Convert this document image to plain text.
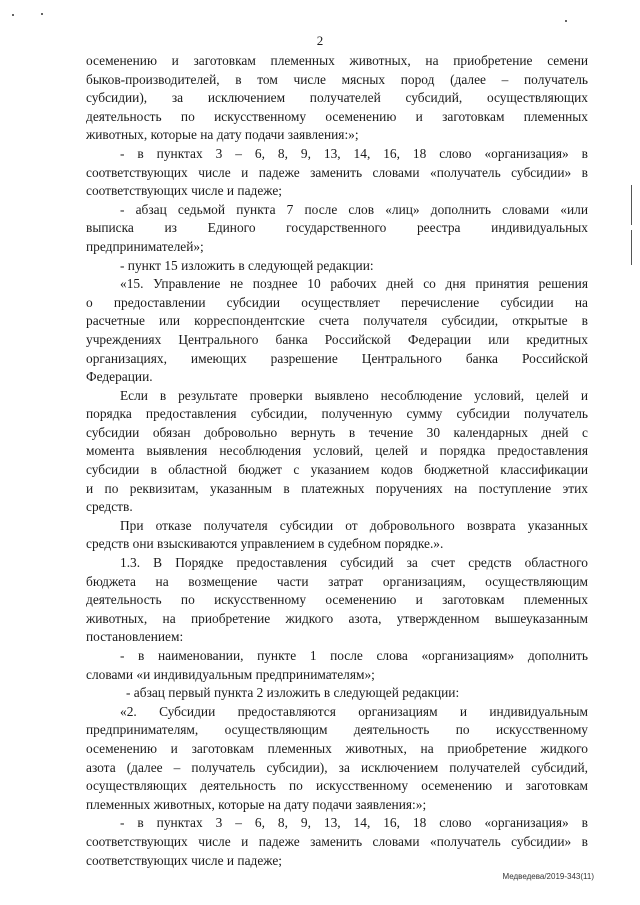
2
осеменению и заготовкам племенных животных, на приобретение семени
быков-производителей, в том числе мясных пород (далее – получатель
субсидии), за исключением получателей субсидий, осуществляющих
деятельность по искусственному осеменению и заготовкам племенных
животных, которые на дату подачи заявления:»;
- в пунктах 3 – 6, 8, 9, 13, 14, 16, 18 слово «организация» в
соответствующих числе и падеже заменить словами «получатель субсидии» в
соответствующих числе и падеже;
- абзац седьмой пункта 7 после слов «лиц» дополнить словами «или
выписка из Единого государственного реестра индивидуальных
предпринимателей»;
- пункт 15 изложить в следующей редакции:
«15. Управление не позднее 10 рабочих дней со дня принятия решения
о предоставлении субсидии осуществляет перечисление субсидии на
расчетные или корреспондентские счета получателя субсидии, открытые в
учреждениях Центрального банка Российской Федерации или кредитных
организациях, имеющих разрешение Центрального банка Российской
Федерации.
Если в результате проверки выявлено несоблюдение условий, целей и
порядка предоставления субсидии, полученную сумму субсидии получатель
субсидии обязан добровольно вернуть в течение 30 календарных дней с
момента выявления несоблюдения условий, целей и порядка предоставления
субсидии в областной бюджет с указанием кодов бюджетной классификации
и по реквизитам, указанным в платежных поручениях на поступление этих
средств.
При отказе получателя субсидии от добровольного возврата указанных
средств они взыскиваются управлением в судебном порядке.».
1.3. В Порядке предоставления субсидий за счет средств областного
бюджета на возмещение части затрат организациям, осуществляющим
деятельность по искусственному осеменению и заготовкам племенных
животных, на приобретение жидкого азота, утвержденном вышеуказанным
постановлением:
- в наименовании, пункте 1 после слова «организациям» дополнить
словами «и индивидуальным предпринимателям»;
- абзац первый пункта 2 изложить в следующей редакции:
«2. Субсидии предоставляются организациям и индивидуальным
предпринимателям, осуществляющим деятельность по искусственному
осеменению и заготовкам племенных животных, на приобретение жидкого
азота (далее – получатель субсидии), за исключением получателей субсидий,
осуществляющих деятельность по искусственному осеменению и заготовкам
племенных животных, которые на дату подачи заявления:»;
- в пунктах 3 – 6, 8, 9, 13, 14, 16, 18 слово «организация» в
соответствующих числе и падеже заменить словами «получатель субсидии» в
соответствующих числе и падеже;
Медведева/2019-343(11)
